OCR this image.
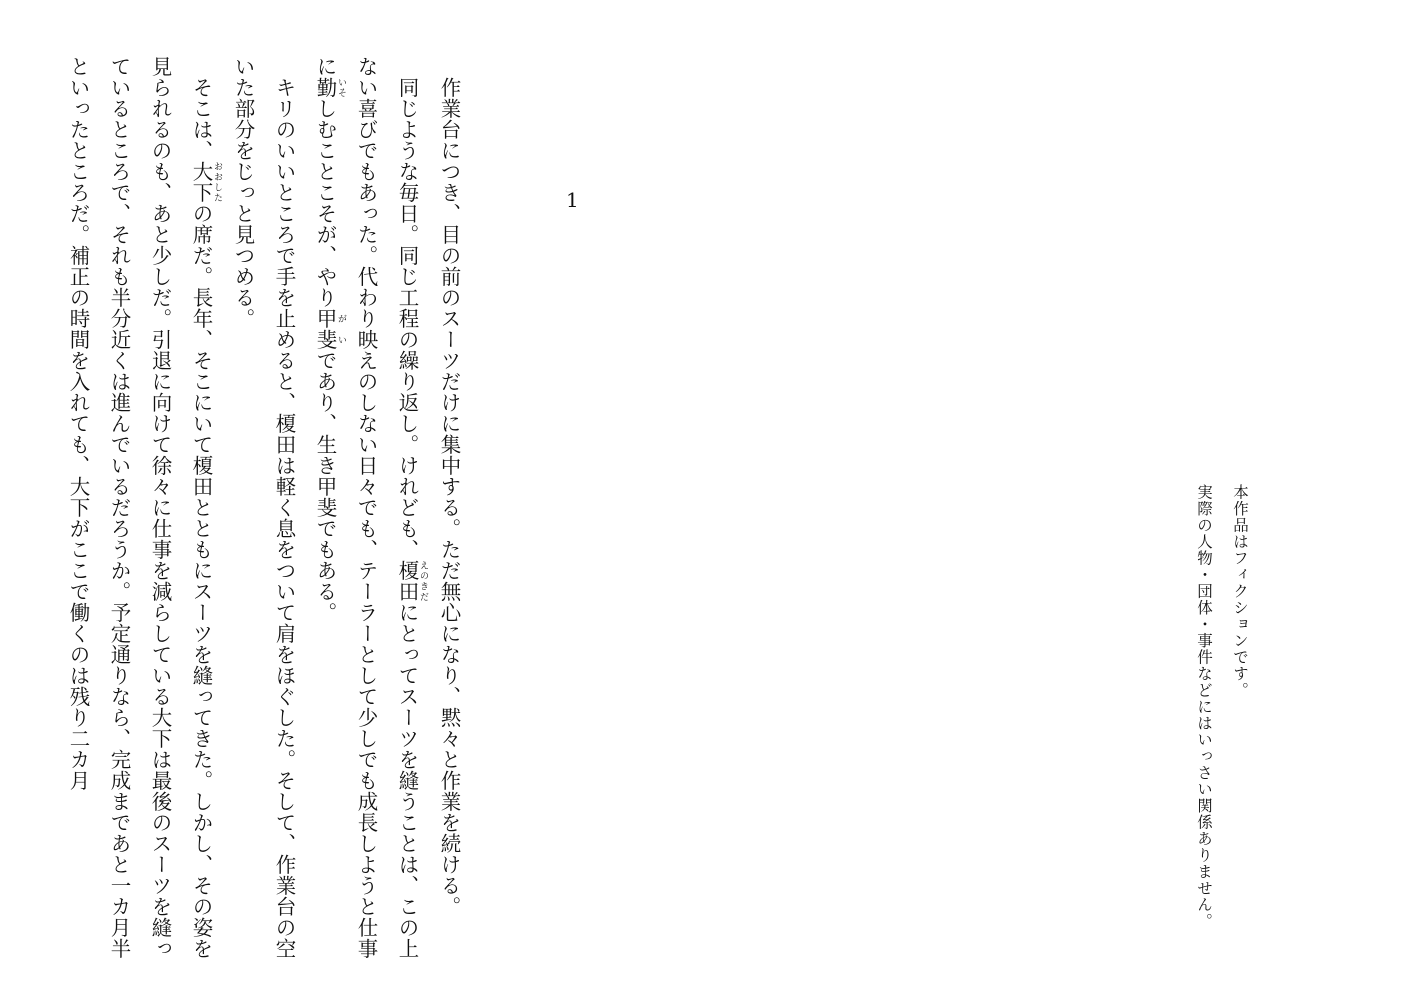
1

作業台につき、目の前のスーツだけに集中する。ただ無心になり、黙々と作業を続ける。

同じような毎日。同じ工程の繰り返し。けれども、榎田 えのきだにとってスーツを縫うことは、この上ない喜びでもあった。代わり映えのしない日々でも、テーラーとして少しでも成長しようと仕事に勤 いそしむことこそが、やり甲 が斐 いであり、生き甲斐でもある。

キリのいいところで手を止めると、榎田は軽く息をついて肩をほぐした。そして、作業台の空いた部分をじっと見つめる。

そこは、大下 おおしたの席だ。長年、そこにいて榎田とともにスーツを縫ってきた。しかし、その姿を見られるのも、あと少しだ。引退に向けて徐々に仕事を減らしている大下は最後のスーツを縫っているところで、それも半分近くは進んでいるだろうか。予定通りなら、完成まであと一カ月半といったところだ。補正の時間を入れても、大下がここで働くのは残り二カ月	本作品はフィクションです。
実際の人物・団体・事件などにはいっさい関係ありません。
